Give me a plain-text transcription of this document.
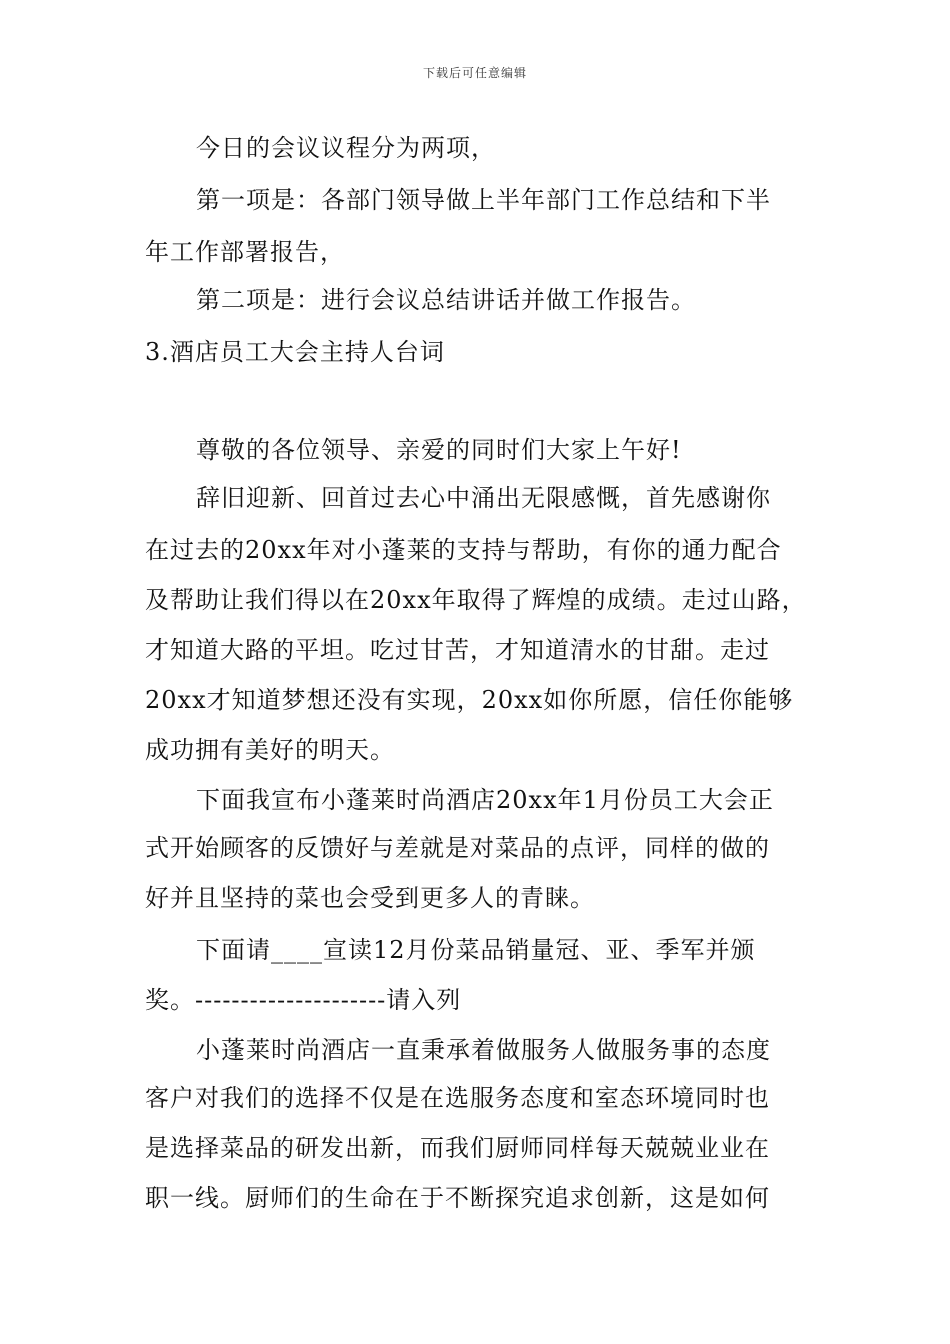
下载后可任意编辑
今日的会议议程分为两项，
第一项是：各部门领导做上半年部门工作总结和下半
年工作部署报告，
第二项是：进行会议总结讲话并做工作报告。
3.酒店员工大会主持人台词
尊敬的各位领导、亲爱的同时们大家上午好!
辞旧迎新、回首过去心中涌出无限感慨，首先感谢你
在过去的20xx年对小蓬莱的支持与帮助，有你的通力配合
及帮助让我们得以在20xx年取得了辉煌的成绩。走过山路，
才知道大路的平坦。吃过甘苦，才知道清水的甘甜。走过
20xx才知道梦想还没有实现，20xx如你所愿，信任你能够
成功拥有美好的明天。
下面我宣布小蓬莱时尚酒店20xx年1月份员工大会正
式开始顾客的反馈好与差就是对菜品的点评，同样的做的
好并且坚持的菜也会受到更多人的青睐。
下面请____宣读12月份菜品销量冠、亚、季军并颁
奖。---------------------请入列
小蓬莱时尚酒店一直秉承着做服务人做服务事的态度
客户对我们的选择不仅是在选服务态度和室态环境同时也
是选择菜品的研发出新，而我们厨师同样每天兢兢业业在
职一线。厨师们的生命在于不断探究追求创新，这是如何
